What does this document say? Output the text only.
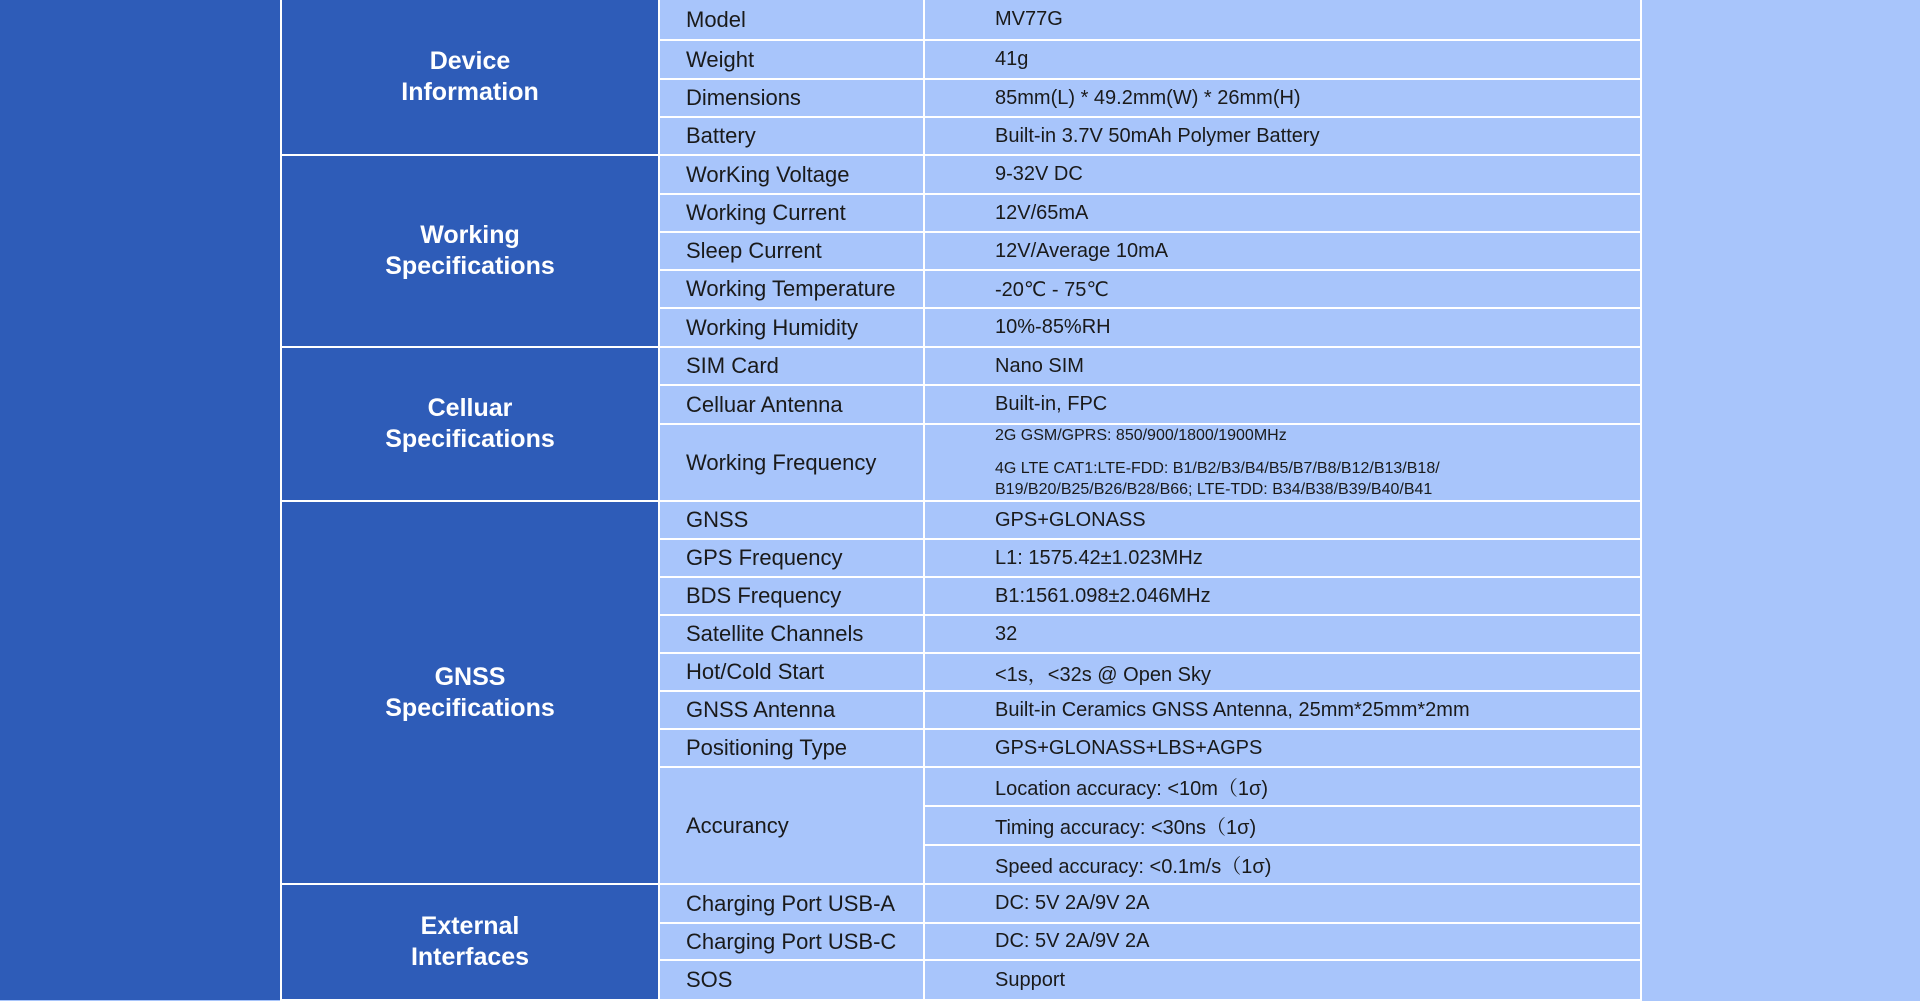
Device
Information	Model	MV77G
	Weight	41g
	Dimensions	85mm(L) * 49.2mm(W) * 26mm(H)
	Battery	Built-in 3.7V 50mAh Polymer Battery

Working
Specifications	WorKing Voltage	9-32V DC
	Working Current	12V/65mA
	Sleep Current	12V/Average 10mA
	Working Temperature	-20℃ - 75℃
	Working Humidity	10%-85%RH

Celluar
Specifications	SIM Card	Nano SIM
	Celluar Antenna	Built-in, FPC
	Working Frequency	2G GSM/GPRS: 850/900/1800/1900MHz
4G LTE CAT1:LTE-FDD: B1/B2/B3/B4/B5/B7/B8/B12/B13/B18/
B19/B20/B25/B26/B28/B66; LTE-TDD: B34/B38/B39/B40/B41

GNSS
Specifications	GNSS	GPS+GLONASS
	GPS Frequency	L1: 1575.42±1.023MHz
	BDS Frequency	B1:1561.098±2.046MHz
	Satellite Channels	32
	Hot/Cold Start	<1s，<32s @ Open Sky
	GNSS Antenna	Built-in Ceramics GNSS Antenna, 25mm*25mm*2mm
	Positioning Type	GPS+GLONASS+LBS+AGPS
	Accurancy	Location accuracy: <10m（1σ)
		Timing accuracy: <30ns（1σ)
		Speed accuracy: <0.1m/s（1σ)

External
Interfaces	Charging Port USB-A	DC: 5V 2A/9V 2A
	Charging Port USB-C	DC: 5V 2A/9V 2A
	SOS	Support
